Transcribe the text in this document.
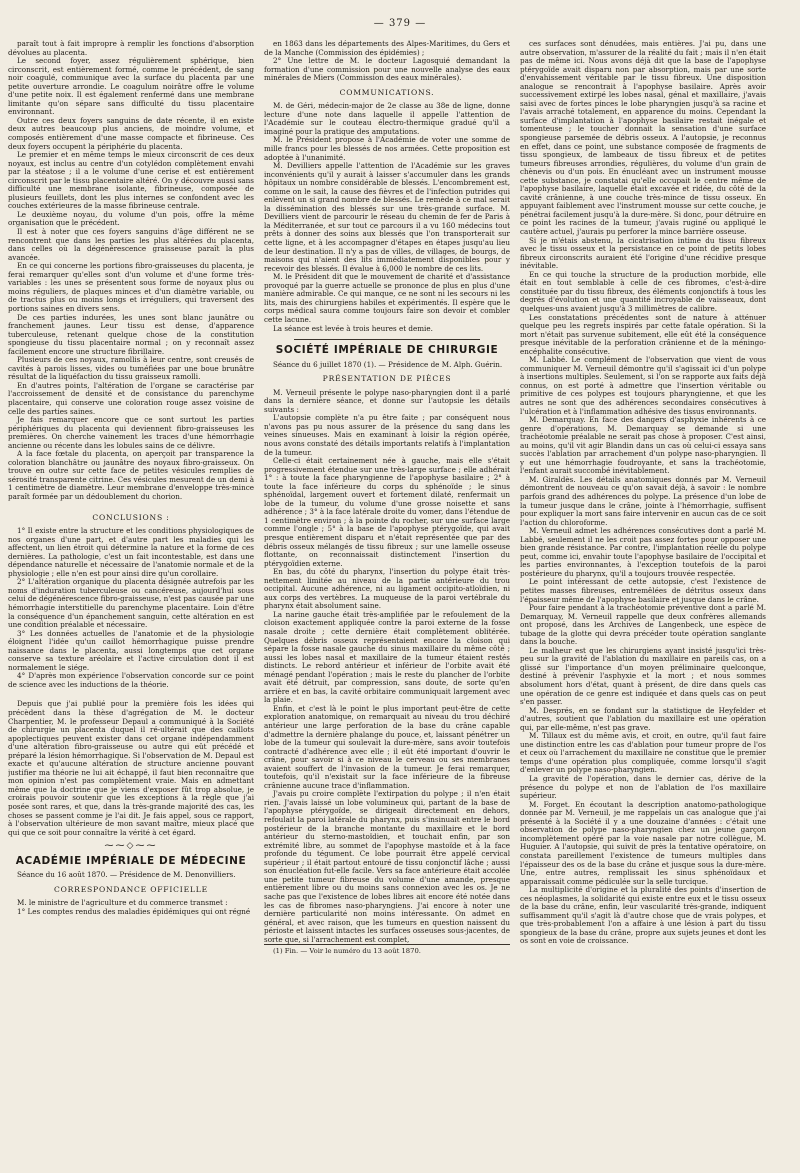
— 379 —

paraît tout à fait impropre à remplir les fonctions d'absorption dévolues au placenta.

Le second foyer, assez régulièrement sphérique, bien circonscrit, est entièrement formé, comme le précédent, de sang noir coagulé, communique avec la surface du placenta par une petite ouverture arrondie. Le coagulum noirâtre offre le volume d'une petite noix. Il est également renfermé dans une membrane limitante qu'on sépare sans difficulté du tissu placentaire environnant.

Outre ces deux foyers sanguins de date récente, il en existe deux autres beaucoup plus anciens, de moindre volume, et composés entièrement d'une masse compacte et fibrineuse. Ces deux foyers occupent la périphérie du placenta.

Le premier et en même temps le mieux circonscrit de ces deux noyaux, est inclus au centre d'un cotylédon complètement envahi par la stéatose ; il a le volume d'une cerise et est entièrement circonscrit par le tissu placentaire altéré. On y découvre aussi sans difficulté une membrane isolante, fibrineuse, composée de plusieurs feuillets, dont les plus internes se confondent avec les couches extérieures de la masse fibrineuse centrale.

Le deuxième noyau, du volume d'un pois, offre la même organisation que le précédent.

Il est à noter que ces foyers sanguins d'âge différent ne se rencontrent que dans les parties les plus altérées du placenta, dans celles où la dégénérescence graisseuse paraît la plus avancée.

En ce qui concerne les portions fibro-graisseuses du placenta, je ferai remarquer qu'elles sont d'un volume et d'une forme très-variables : les unes se présentent sous forme de noyaux plus ou moins réguliers, de plaques minces et d'un diamètre variable, ou de tractus plus ou moins longs et irréguliers, qui traversent des portions saines en divers sens.

De ces parties indurées, les unes sont blanc jaunâtre ou franchement jaunes. Leur tissu est dense, d'apparence tuberculeuse, retenant quelque chose de la constitution spongieuse du tissu placentaire normal ; on y reconnaît assez facilement encore une structure fibrillaire.

Plusieurs de ces noyaux, ramollis à leur centre, sont creusés de cavités à parois lisses, vides ou tuméfiées par une boue brunâtre résultat de la liquéfaction du tissu graisseux ramolli.

En d'autres points, l'altération de l'organe se caractérise par l'accroissement de densité et de consistance du parenchyme placentaire, qui conserve une coloration rouge assez voisine de celle des parties saines.

Je fais remarquer encore que ce sont surtout les parties périphériques du placenta qui deviennent fibro-graisseuses les premières. On cherche vainement les traces d'une hémorrhagie ancienne ou récente dans les lobules sains de ce délivre.

A la face fœtale du placenta, on aperçoit par transparence la coloration blanchâtre ou jaunâtre des noyaux fibro-graisseux. On trouve en outre sur cette face de petites vésicules remplies de sérosité transparente citrine. Ces vésicules mesurent de un demi à 1 centimètre de diamètre. Leur membrane d'enveloppe très-mince paraît formée par un dédoublement du chorion.

CONCLUSIONS :

1° Il existe entre la structure et les conditions physiologiques de nos organes d'une part, et d'autre part les maladies qui les affectent, un lien étroit qui détermine la nature et la forme de ces dernières. La pathologie, c'est un fait incontestable, est dans une dépendance naturelle et nécessaire de l'anatomie normale et de la physiologie ; elle n'en est pour ainsi dire qu'un corollaire.

2° L'altération organique du placenta désignée autrefois par les noms d'induration tuberculeuse ou cancéreuse, aujourd'hui sous celui de dégénérescence fibro-graisseuse, n'est pas causée par une hémorrhagie interstitielle du parenchyme placentaire. Loin d'être la conséquence d'un épanchement sanguin, cette altération en est une condition préalable et nécessaire.

3° Les données actuelles de l'anatomie et de la physiologie éloignent l'idée qu'un caillot hémorrhagique puisse prendre naissance dans le placenta, aussi longtemps que cet organe conserve sa texture aréolaire et l'active circulation dont il est normalement le siége.

4° D'après mon expérience l'observation concorde sur ce point de science avec les inductions de la théorie.

Depuis que j'ai publié pour la première fois les idées qui précèdent dans la thèse d'agrégation de M. le docteur Charpentier, M. le professeur Depaul a communiqué à la Société de chirurgie un placenta duquel il ré-ultérait que des caillots apoplectiques peuvent exister dans cet organe indépendamment d'une altération fibro-graisseuse ou autre qui eût précédé et préparé la lésion hémorrhagique. Si l'observation de M. Depaul est exacte et qu'aucune altération de structure ancienne pouvant justifier ma théorie ne lui ait échappé, il faut bien reconnaître que mon opinion n'est pas complètement vraie. Mais en admettant même que la doctrine que je viens d'exposer fût trop absolue, je croirais pouvoir soutenir que les exceptions à la règle que j'ai posée sont rares, et que, dans la très-grande majorité des cas, les choses se passent comme je l'ai dit. Je fais appel, sous ce rapport, à l'observation ultérieure de mon savant maître, mieux placé que qui que ce soit pour connaître la vérité à cet égard.

⁓⁓◇⁓⁓
ACADÉMIE IMPÉRIALE DE MÉDECINE

Séance du 16 août 1870. — Présidence de M. Denonvilliers.

CORRESPONDANCE OFFICIELLE

M. le ministre de l'agriculture et du commerce transmet :

1° Les comptes rendus des maladies épidémiques qui ont régné

en 1863 dans les départements des Alpes-Maritimes, du Gers et de la Manche (Commission des épidémies) ;

2° Une lettre de M. le docteur Lagosquié demandant la formation d'une commission pour une nouvelle analyse des eaux minérales de Miers (Commission des eaux minérales).

COMMUNICATIONS.

M. de Géri, médecin-major de 2e classe au 38e de ligne, donne lecture d'une note dans laquelle il appelle l'attention de l'Académie sur le couteau électro-thermique gradué qu'il a imaginé pour la pratique des amputations.

M. le Président propose à l'Académie de voter une somme de mille francs pour les blessés de nos armées. Cette proposition est adoptée à l'unanimité.

M. Devilliers appelle l'attention de l'Académie sur les graves inconvénients qu'il y aurait à laisser s'accumuler dans les grands hôpitaux un nombre considérable de blessés. L'encombrement est, comme on le sait, la cause des fièvres et de l'infection putrides qui enlèvent un si grand nombre de blessés. Le remède à ce mal serait la dissémination des blessés sur une très-grande surface. M. Devilliers vient de parcourir le réseau du chemin de fer de Paris à la Méditerranée, et sur tout ce parcours il a vu 160 médecins tout prêts à donner des soins aux blessés que l'on transporterait sur cette ligne, et à les accompagner d'étapes en étapes jusqu'au lieu de leur destination. Il n'y a pas de villes, de villages, de bourgs, de maisons qui n'aient des lits immédiatement disponibles pour y recevoir des blessés. Il évalue à 6,000 le nombre de ces lits.

M. le Président dit que le mouvement de charité et d'assistance provoqué par la guerre actuelle se prononce de plus en plus d'une manière admirable. Ce qui manque, ce ne sont ni les secours ni les lits, mais des chirurgiens habiles et expérimentés. Il espère que le corps médical saura comme toujours faire son devoir et combler cette lacune.

La séance est levée à trois heures et demie.

SOCIÉTÉ IMPÉRIALE DE CHIRURGIE

Séance du 6 juillet 1870 (1). — Présidence de M. Alph. Guérin.

PRÉSENTATION DE PIÈCES

M. Verneuil présente le polype naso-pharyngien dont il a parlé dans la dernière séance, et donne sur l'autopsie les détails suivants :

L'autopsie complète n'a pu être faite ; par conséquent nous n'avons pas pu nous assurer de la présence du sang dans les veines sinueuses. Mais en examinant à loisir la région opérée, nous avons constaté des détails importants relatifs à l'implantation de la tumeur.

Celle-ci était certainement née à gauche, mais elle s'était progressivement étendue sur une très-large surface ; elle adhérait 1° : à toute la face pharyngienne de l'apophyse basilaire ; 2° à toute la face inférieure du corps du sphénoïde ; le sinus sphénoïdal, largement ouvert et fortement dilaté, renfermait un lobe de la tumeur, du volume d'une grosse noisette et sans adhérence ; 3° à la face latérale droite du vomer, dans l'étendue de 1 centimètre environ ; à la pointe du rocher, sur une surface large comme l'ongle ; 5° à la base de l'apophyse ptérygoïde, qui avait presque entièrement disparu et n'était représentée que par des débris osseux mélangés de tissu fibreux ; sur une lamelle osseuse flottante, on reconnaissait distinctement l'insertion du ptérygoïdien externe.

En bas, du côté du pharynx, l'insertion du polype était très-nettement limitée au niveau de la partie antérieure du trou occipital. Aucune adhérence, ni au ligament occipito-atloïdien, ni aux corps des vertèbres. La muqueuse de la paroi vertébrale du pharynx était absolument saine.

La narine gauche était très-amplifiée par le refoulement de la cloison exactement appliquée contre la paroi externe de la fosse nasale droite ; cette dernière était complètement oblitérée. Quelques débris osseux représentaient encore la cloison qui sépare la fosse nasale gauche du sinus maxillaire du même côté ; aussi les lobes nasal et maxillaire de la tumeur étaient restés distincts. Le rebord antérieur et inférieur de l'orbite avait été ménagé pendant l'opération ; mais le reste du plancher de l'orbite avait été détruit, par compression, sans doute, de sorte qu'en arrière et en bas, la cavité orbitaire communiquait largement avec la plaie.

Enfin, et c'est là le point le plus important peut-être de cette exploration anatomique, on remarquait au niveau du trou déchiré antérieur une large perforation de la base du crâne capable d'admettre la dernière phalange du pouce, et, laissant pénétrer un lobe de la tumeur qui soulevait la dure-mère, sans avoir toutefois contracté d'adhérence avec elle ; il eût été important d'ouvrir le crâne, pour savoir si à ce niveau le cerveau ou ses membranes avaient souffert de l'invasion de la tumeur. Je ferai remarquer, toutefois, qu'il n'existait sur la face inférieure de la fibreuse crânienne aucune trace d'inflammation.

J'avais pu croire complète l'extirpation du polype ; il n'en était rien. J'avais laissé un lobe volumineux qui, partant de la base de l'apophyse ptérygoïde, se dirigeait directement en dehors, refoulait la paroi latérale du pharynx, puis s'insinuait entre le bord postérieur de la branche montante du maxillaire et le bord antérieur du sterno-mastoïdien, et touchait enfin, par son extrémité libre, au sommet de l'apophyse mastoïde et à la face profonde du tégument. Ce lobe pourrait être appelé cervical supérieur ; il était partout entouré de tissu conjonctif lâche ; aussi son énucléation fut-elle facile. Vers sa face antérieure était accolée une petite tumeur fibreuse du volume d'une amande, presque entièrement libre ou du moins sans connexion avec les os. Je ne sache pas que l'existence de lobes libres ait encore été notée dans les cas de fibromes naso-pharyngiens. J'ai encore à noter une dernière particularité non moins intéressante. On admet en général, et avec raison, que les tumeurs en question naissent du périoste et laissent intactes les surfaces osseuses sous-jacentes, de sorte que, si l'arrachement est complet,

(1) Fin. — Voir le numéro du 13 août 1870.

ces surfaces sont dénudées, mais entières. J'ai pu, dans une autre observation, m'assurer de la réalité du fait ; mais il n'en était pas de même ici. Nous avons déjà dit que la base de l'apophyse ptérygoïde avait disparu non par absorption, mais par une sorte d'envahissement véritable par le tissu fibreux. Une disposition analogue se rencontrait à l'apophyse basilaire. Après avoir successivement extirpé les lobes nasal, génal et maxillaire, j'avais saisi avec de fortes pinces le lobe pharyngien jusqu'à sa racine et l'avais arraché totalement, en apparence du moins. Cependant la surface d'implantation à l'apophyse basilaire restait inégale et tomenteuse ; le toucher donnait la sensation d'une surface spongieuse parsemée de débris osseux. A l'autopsie, je reconnus en effet, dans ce point, une substance composée de fragments de tissu spongieux, de lambeaux de tissu fibreux et de petites tumeurs fibreuses arrondies, régulières, du volume d'un grain de chènevis ou d'un pois. En énucléant avec un instrument mousse cette substance, je constatai qu'elle occupait le centre même de l'apophyse basilaire, laquelle était excavée et ridée, du côté de la cavité crânienne, à une couche très-mince de tissu osseux. En appuyant faiblement avec l'instrument mousse sur cette couche, je pénétrai facilement jusqu'à la dure-mère. Si donc, pour détruire en ce point les racines de la tumeur, j'avais ruginé ou appliqué le cautère actuel, j'aurais pu perforer la mince barrière osseuse.

Si je m'étais abstenu, la cicatrisation intime du tissu fibreux avec le tissu osseux et la persistance en ce point de petits lobes fibreux circonscrits auraient été l'origine d'une récidive presque inévitable.

En ce qui touche la structure de la production morbide, elle était en tout semblable à celle de ces fibromes, c'est-à-dire constituée par du tissu fibreux, des éléments conjonctifs à tous les degrés d'évolution et une quantité incroyable de vaisseaux, dont quelques-uns avaient jusqu'à 3 millimètres de calibre.

Les constatations précédentes sont de nature à atténuer quelque peu les regrets inspirés par cette fatale opération. Si la mort n'était pas survenue subitement, elle eût été la conséquence presque inévitable de la perforation crânienne et de la méningo-encéphalite consécutive.

M. Labbé. Le complément de l'observation que vient de vous communiquer M. Verneuil démontre qu'il s'agissait ici d'un polype à insertions multiples. Seulement, si l'on se rapporte aux faits déjà connus, on est porté à admettre que l'insertion véritable ou primitive de ces polypes est toujours pharyngienne, et que les autres ne sont que des adhérences secondaires consécutives à l'ulcération et à l'inflammation adhésive des tissus environnants.

M. Demarquay. En face des dangers d'asphyxie inhérents à ce genre d'opérations, M. Demarquay se demande si une trachéotomie préalable ne serait pas chose à proposer. C'est ainsi, au moins, qu'il vit agir Blandin dans un cas où celui-ci essaya sans succès l'ablation par arrachement d'un polype naso-pharyngien. Il y eut une hémorrhagie foudroyante, et sans la trachéotomie, l'enfant aurait succombé inévitablement.

M. Giraldès. Les détails anatomiques donnés par M. Verneuil démontrent de nouveau ce qu'on savait déjà, à savoir : le nombre parfois grand des adhérences du polype. La présence d'un lobe de la tumeur jusque dans le crâne, jointe à l'hémorrhagie, suffisent pour expliquer la mort sans faire intervenir en aucun cas de ce soit l'action du chloroforme.

M. Verneuil admet les adhérences consécutives dont a parlé M. Labbé, seulement il ne les croit pas assez fortes pour opposer une bien grande résistance. Par contre, l'implantation réelle du polype peut, comme ici, envahir toute l'apophyse basilaire de l'occipital et les parties environnantes, à l'exception toutefois de la paroi postérieure du pharynx, qu'il a toujours trouvée respectée.

Le point intéressant de cette autopsie, c'est l'existence de petites masses fibreuses, entremêlées de détritus osseux dans l'épaisseur même de l'apophyse basilaire et jusque dans le crâne.

Pour faire pendant à la trachéotomie préventive dont a parlé M. Demarquay, M. Verneuil rappelle que deux confrères allemands ont proposé, dans les Archives de Langenbeck, une espèce de tubage de la glotte qui devra précéder toute opération sanglante dans la bouche.

Le malheur est que les chirurgiens ayant insisté jusqu'ici très-peu sur la gravité de l'ablation du maxillaire en pareils cas, on a glissé sur l'importance d'un moyen préliminaire quelconque, destiné à prévenir l'asphyxie et la mort ; et nous sommes absolument hors d'état, quant à présent, de dire dans quels cas une opération de ce genre est indiquée et dans quels cas on peut s'en passer.

M. Després, en se fondant sur la statistique de Heyfelder et d'autres, soutient que l'ablation du maxillaire est une opération qui, par elle-même, n'est pas grave.

M. Tillaux est du même avis, et croit, en outre, qu'il faut faire une distinction entre les cas d'ablation pour tumeur propre de l'os et ceux où l'arrachement du maxillaire ne constitue que le premier temps d'une opération plus compliquée, comme lorsqu'il s'agit d'enlever un polype naso-pharyngien.

La gravité de l'opération, dans le dernier cas, dérive de la présence du polype et non de l'ablation de l'os maxillaire supérieur.

M. Forget. En écoutant la description anatomo-pathologique donnée par M. Verneuil, je me rappelais un cas analogue que j'ai présenté à la Société il y a une douzaine d'années : c'était une observation de polype naso-pharyngien chez un jeune garçon incomplètement opéré par la voie nasale par notre collègue, M. Huguier. A l'autopsie, qui suivit de près la tentative opératoire, on constata pareillement l'existence de tumeurs multiples dans l'épaisseur des os de la base du crâne et jusque sous la dure-mère. Une, entre autres, remplissait les sinus sphénoïdaux et apparaissait comme pédiculée sur la selle turcique.

La multiplicité d'origine et la pluralité des points d'insertion de ces néoplasmes, la solidarité qui existe entre eux et le tissu osseux de la base du crâne, enfin, leur vascularité très-grande, indiquent suffisamment qu'il s'agit là d'autre chose que de vrais polypes, et que très-probablement l'on a affaire à une lésion à part du tissu spongieux de la base du crâne, propre aux sujets jeunes et dont les os sont en voie de croissance.
